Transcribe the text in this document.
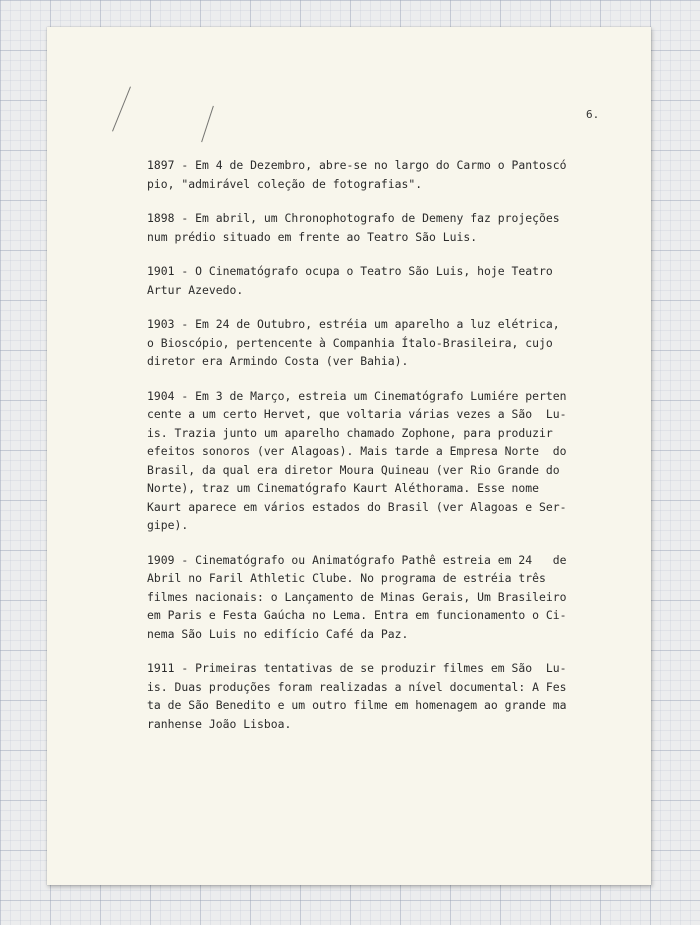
6.
1897 - Em 4 de Dezembro, abre-se no largo do Carmo o Pantoscó
pio, "admirável coleção de fotografias".
1898 - Em abril, um Chronophotografo de Demeny faz projeções
num prédio situado em frente ao Teatro São Luis.
1901 - O Cinematógrafo ocupa o Teatro São Luis, hoje Teatro
Artur Azevedo.
1903 - Em 24 de Outubro, estréia um aparelho a luz elétrica,
o Bioscópio, pertencente à Companhia Ítalo-Brasileira, cujo
diretor era Armindo Costa (ver Bahia).
1904 - Em 3 de Março, estreia um Cinematógrafo Lumiére perten
cente a um certo Hervet, que voltaria várias vezes a São  Lu-
is. Trazia junto um aparelho chamado Zophone, para produzir
efeitos sonoros (ver Alagoas). Mais tarde a Empresa Norte  do
Brasil, da qual era diretor Moura Quineau (ver Rio Grande do
Norte), traz um Cinematógrafo Kaurt Aléthorama. Esse nome
Kaurt aparece em vários estados do Brasil (ver Alagoas e Ser-
gipe).
1909 - Cinematógrafo ou Animatógrafo Pathê estreia em 24   de
Abril no Faril Athletic Clube. No programa de estréia três
filmes nacionais: o Lançamento de Minas Gerais, Um Brasileiro
em Paris e Festa Gaúcha no Lema. Entra em funcionamento o Ci-
nema São Luis no edifício Café da Paz.
1911 - Primeiras tentativas de se produzir filmes em São  Lu-
is. Duas produções foram realizadas a nível documental: A Fes
ta de São Benedito e um outro filme em homenagem ao grande ma
ranhense João Lisboa.
